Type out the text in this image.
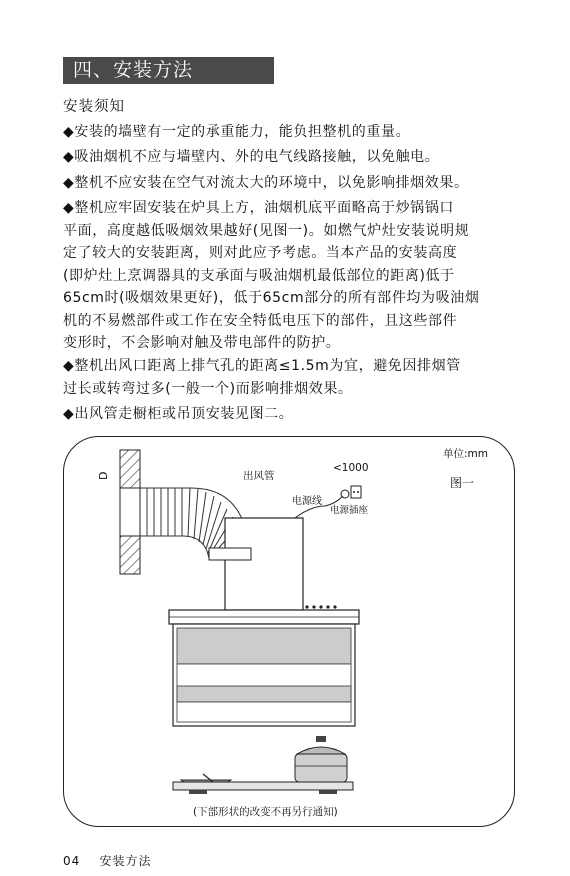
四、安装方法
安装须知

◆安装的墙壁有一定的承重能力，能负担整机的重量。

◆吸油烟机不应与墙壁内、外的电气线路接触，以免触电。

◆整机不应安装在空气对流太大的环境中，以免影响排烟效果。

◆整机应牢固安装在炉具上方，油烟机底平面略高于炒锅锅口
平面，高度越低吸烟效果越好(见图一)。如燃气炉灶安装说明规
定了较大的安装距离，则对此应予考虑。当本产品的安装高度
(即炉灶上烹调器具的支承面与吸油烟机最低部位的距离)低于
65cm时(吸烟效果更好)，低于65cm部分的所有部件均为吸油烟
机的不易燃部件或工作在安全特低电压下的部件，且这些部件
变形时，不会影响对触及带电部件的防护。

◆整机出风口距离上排气孔的距离≤1.5m为宜，避免因排烟管
过长或转弯过多(一般一个)而影响排烟效果。

◆出风管走橱柜或吊顶安装见图二。

单位:mm
图一
出风管
<1000
电源线
电源插座
D
(下部形状的改变不再另行通知)
04 安装方法
